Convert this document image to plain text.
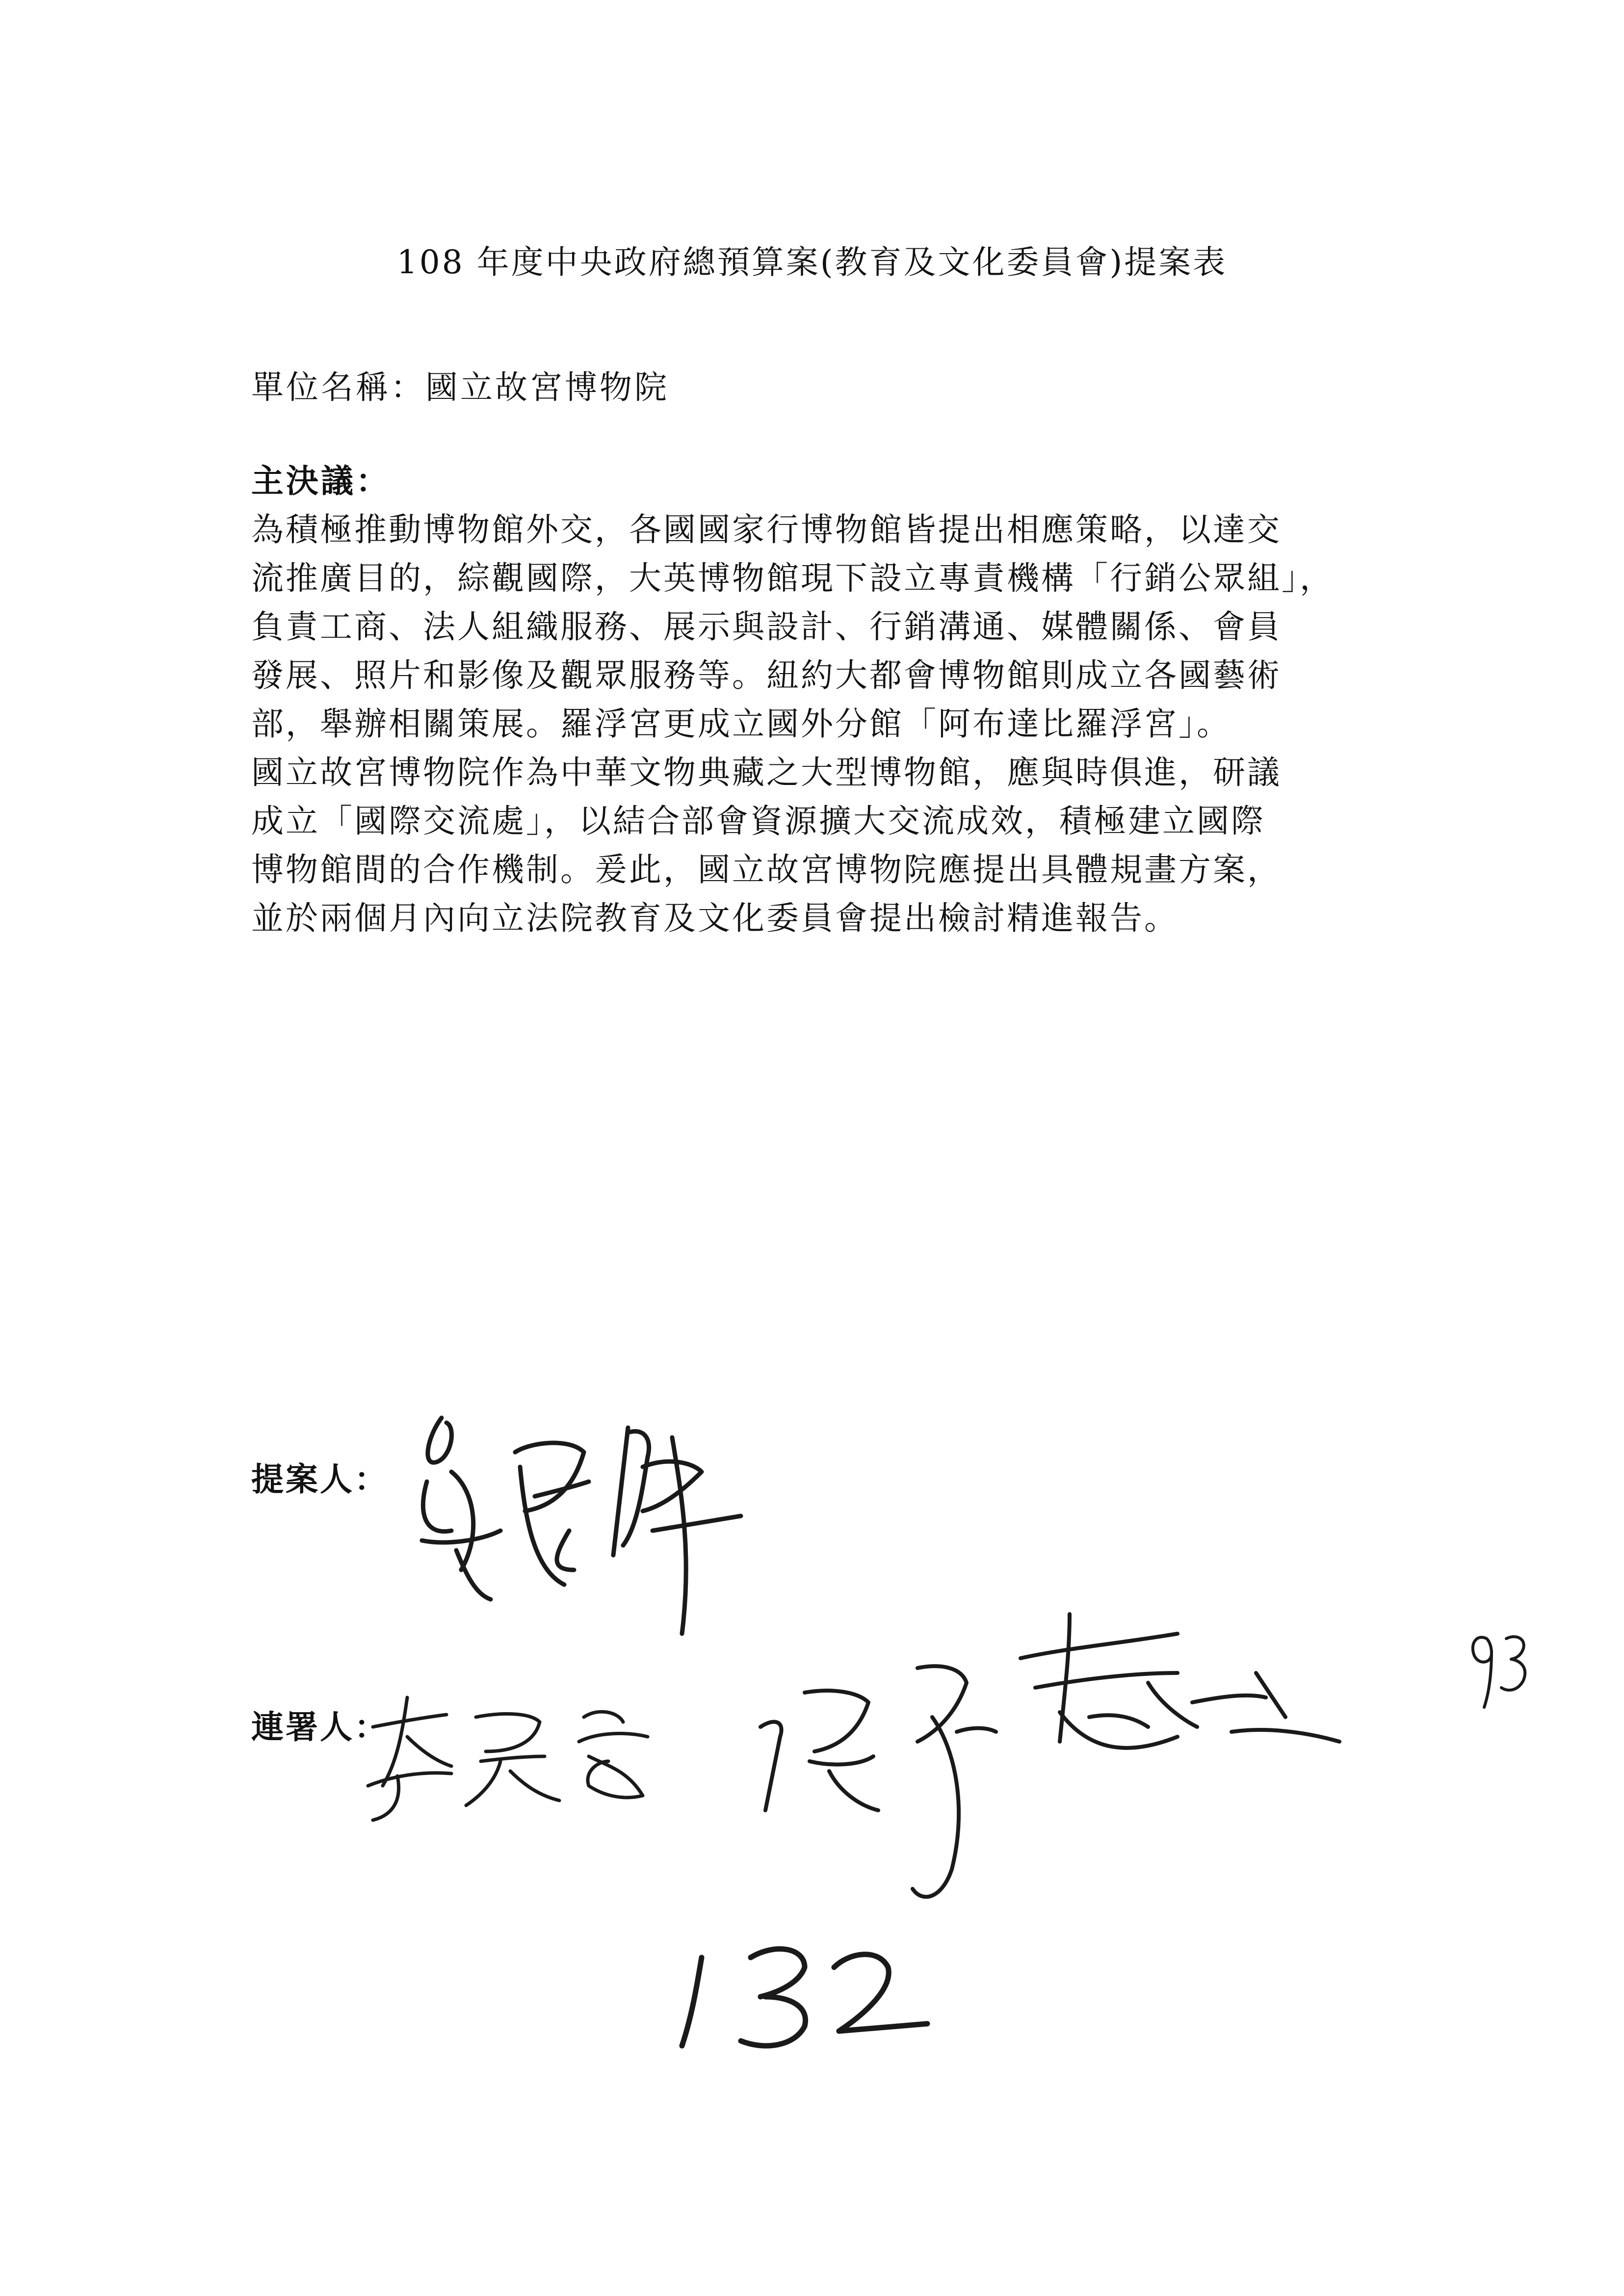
108 年度中央政府總預算案(教育及文化委員會)提案表
單位名稱：國立故宮博物院
主決議：
為積極推動博物館外交，各國國家行博物館皆提出相應策略，以達交
流推廣目的，綜觀國際，大英博物館現下設立專責機構「行銷公眾組」，
負責工商、法人組織服務、展示與設計、行銷溝通、媒體關係、會員
發展、照片和影像及觀眾服務等。紐約大都會博物館則成立各國藝術
部，舉辦相關策展。羅浮宮更成立國外分館「阿布達比羅浮宮」。
國立故宮博物院作為中華文物典藏之大型博物館，應與時俱進，研議
成立「國際交流處」，以結合部會資源擴大交流成效，積極建立國際
博物館間的合作機制。爰此，國立故宮博物院應提出具體規畫方案，
並於兩個月內向立法院教育及文化委員會提出檢討精進報告。
提案人：
連署人：
